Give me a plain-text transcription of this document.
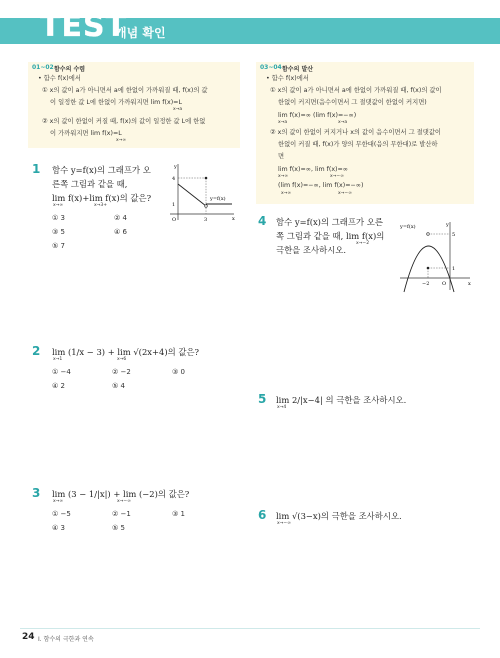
TEST
개념 확인
01~02 함수의 수렴
• 함수 f(x)에서
① x의 값이 a가 아니면서 a에 한없이 가까워질 때, f(x)의 값
이 일정한 값 L에 한없이 가까워지면 lim f(x)=L
x→a
② x의 값이 한없이 커질 때, f(x)의 값이 일정한 값 L에 한없
이 가까워지면 lim f(x)=L
x→∞
03~04 함수의 발산
• 함수 f(x)에서
① x의 값이 a가 아니면서 a에 한없이 가까워질 때, f(x)의 값이
한없이 커지면(음수이면서 그 절댓값이 한없이 커지면)
lim f(x)=∞ (lim f(x)=−∞)
x→a	x→a
② x의 값이 한없이 커지거나 x의 값이 음수이면서 그 절댓값이
한없이 커질 때, f(x)가 양의 무한대(음의 무한대)로 발산하
면
lim f(x)=∞, lim f(x)=∞
x→∞	x→−∞
(lim f(x)=−∞, lim f(x)=−∞)
x→∞	x→−∞
1 함수 y=f(x)의 그래프가 오
른쪽 그림과 같을 때,
lim f(x)+lim f(x)의 값은?
x→∞	x→3+
① 3	② 4
③ 5	④ 6
⑤ 7
y
x
4
1
O	3
y=f(x)
2 lim (1/x − 3) + lim √(2x+4)의 값은?
x→1	x→6
① −4	② −2	③ 0
④ 2	⑤ 4
3 lim (3 − 1/|x|) + lim (−2)의 값은?
x→∞	x→−∞
① −5	② −1	③ 1
④ 3	⑤ 5
4 함수 y=f(x)의 그래프가 오른
쪽 그림과 같을 때, lim f(x)의
x→−2
극한을 조사하시오.
y
x
y=f(x)
5
1
−2	O
5 lim 2/|x−4| 의 극한을 조사하시오.
x→4
6 lim √(3−x)의 극한을 조사하시오.
x→−∞
24 Ⅰ. 함수의 극한과 연속
